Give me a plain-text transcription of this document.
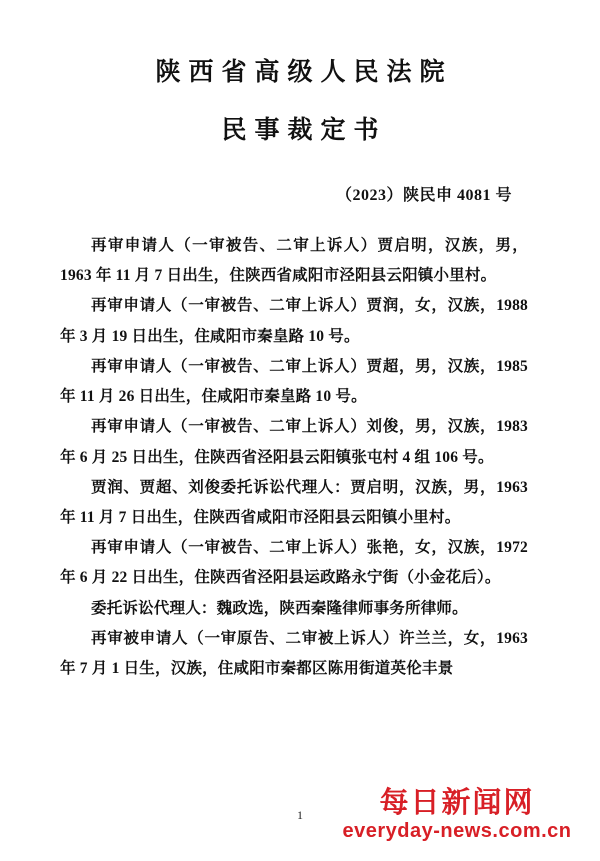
陕西省高级人民法院
民事裁定书
（2023）陕民申 4081 号

再审申请人（一审被告、二审上诉人）贾启明，汉族，男，1963 年 11 月 7 日出生，住陕西省咸阳市泾阳县云阳镇小里村。

再审申请人（一审被告、二审上诉人）贾润，女，汉族，1988 年 3 月 19 日出生，住咸阳市秦皇路 10 号。

再审申请人（一审被告、二审上诉人）贾超，男，汉族，1985 年 11 月 26 日出生，住咸阳市秦皇路 10 号。

再审申请人（一审被告、二审上诉人）刘俊，男，汉族，1983 年 6 月 25 日出生，住陕西省泾阳县云阳镇张屯村 4 组 106 号。

贾润、贾超、刘俊委托诉讼代理人：贾启明，汉族，男，1963 年 11 月 7 日出生，住陕西省咸阳市泾阳县云阳镇小里村。

再审申请人（一审被告、二审上诉人）张艳，女，汉族，1972 年 6 月 22 日出生，住陕西省泾阳县运政路永宁街（小金花后）。

委托诉讼代理人：魏政选，陕西秦隆律师事务所律师。

再审被申请人（一审原告、二审被上诉人）许兰兰，女，1963 年 7 月 1 日生，汉族，住咸阳市秦都区陈用街道英伦丰景

1	每日新闻网
everyday-news.com.cn
